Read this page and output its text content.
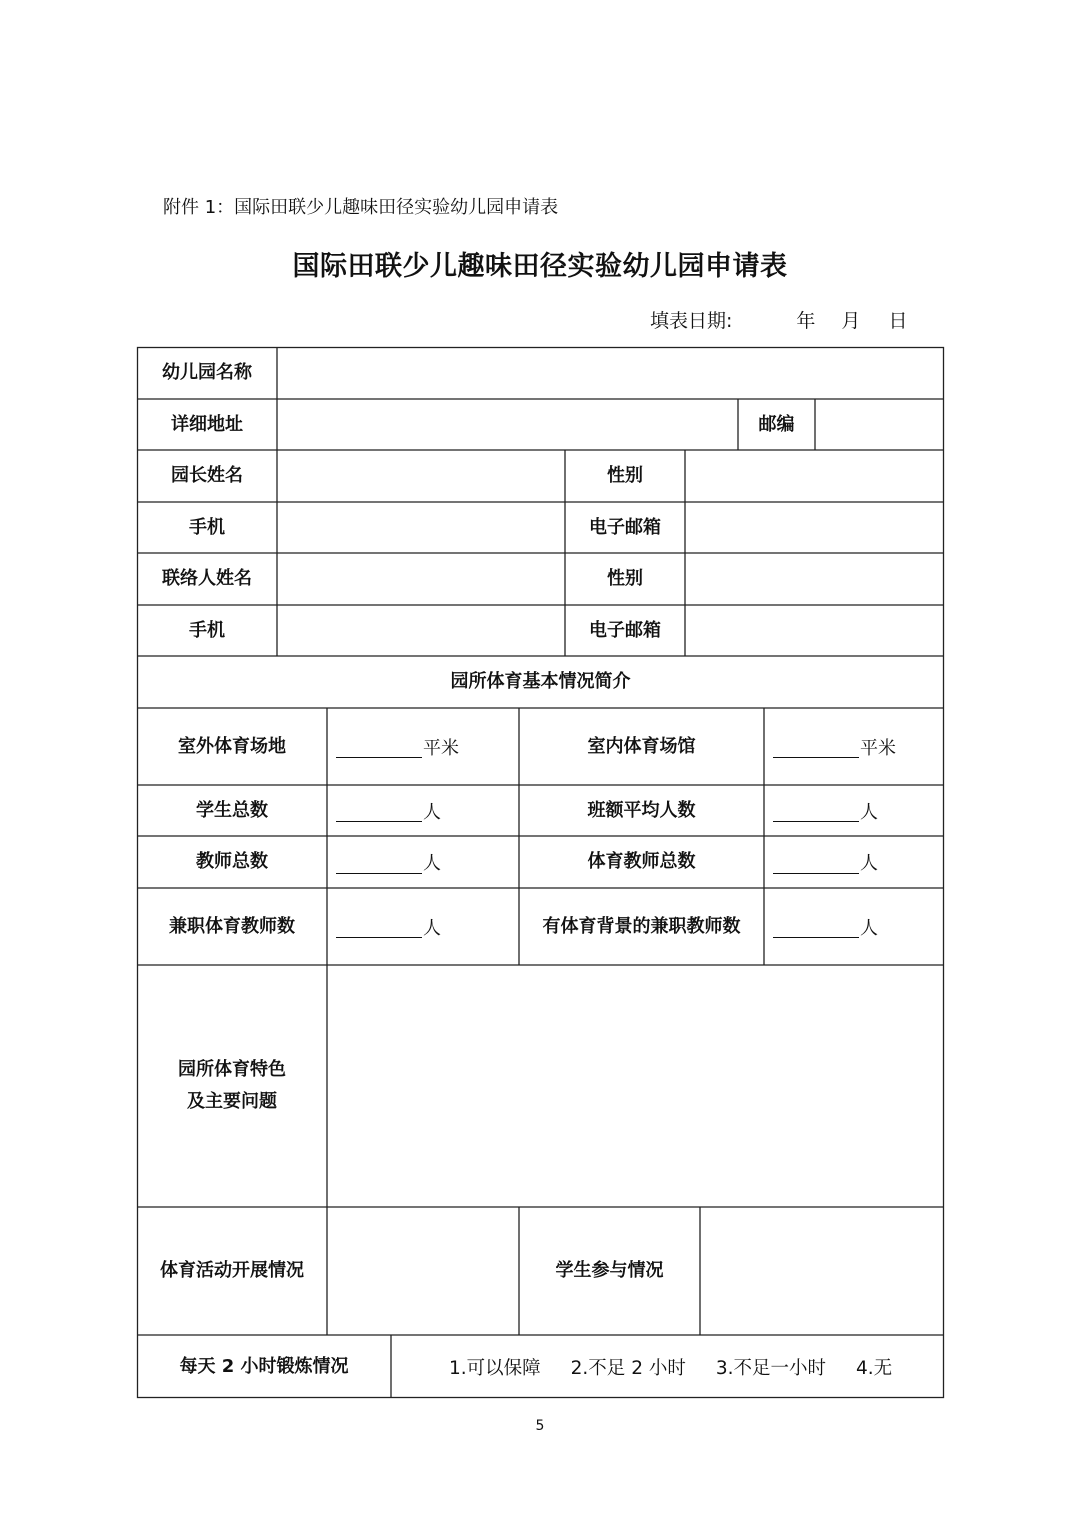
附件 1：国际田联少儿趣味田径实验幼儿园申请表
国际田联少儿趣味田径实验幼儿园申请表
填表日期:	年 月 日
幼儿园名称
详细地址	邮编
园长姓名	性别
手机	电子邮箱
联络人姓名	性别
手机	电子邮箱
园所体育基本情况简介
室外体育场地	平米	室内体育场馆	平米
学生总数	人	班额平均人数	人
教师总数	人	体育教师总数	人
兼职体育教师数	人	有体育背景的兼职教师数	人
园所体育特色
及主要问题
体育活动开展情况	学生参与情况
每天 2 小时锻炼情况	1.可以保障 2.不足 2 小时 3.不足一小时 4.无
5
